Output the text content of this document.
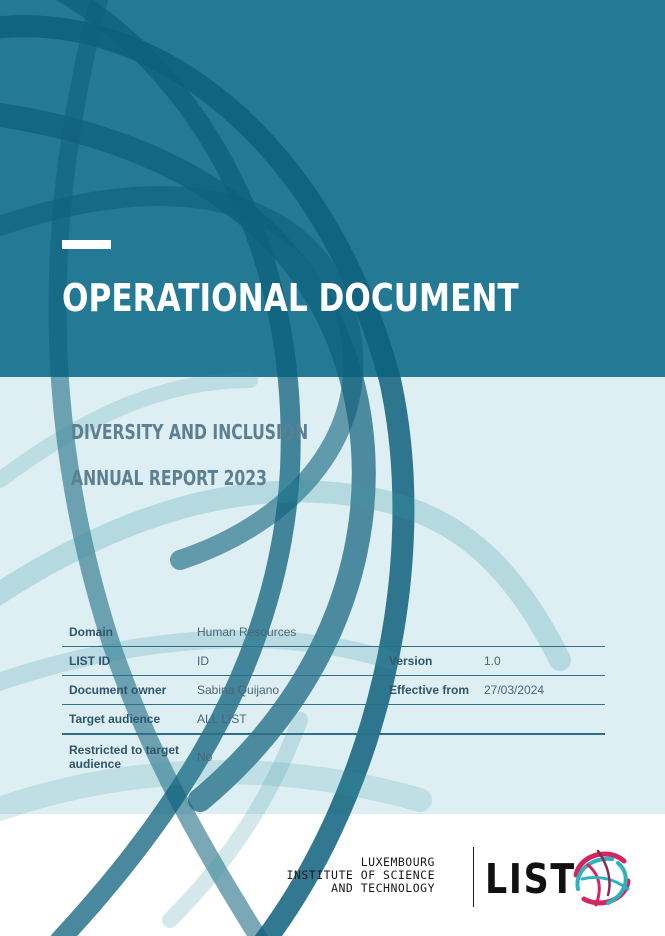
OPERATIONAL DOCUMENT
DIVERSITY AND INCLUSION
ANNUAL REPORT 2023
Domain	Human Resources		
LIST ID	ID	Version	1.0
Document owner	Sabina Quijano	Effective from	27/03/2024
Target audience	ALL LIST		
Restricted to target audience	No		
LUXEMBOURG
INSTITUTE OF SCIENCE
AND TECHNOLOGY LIST
